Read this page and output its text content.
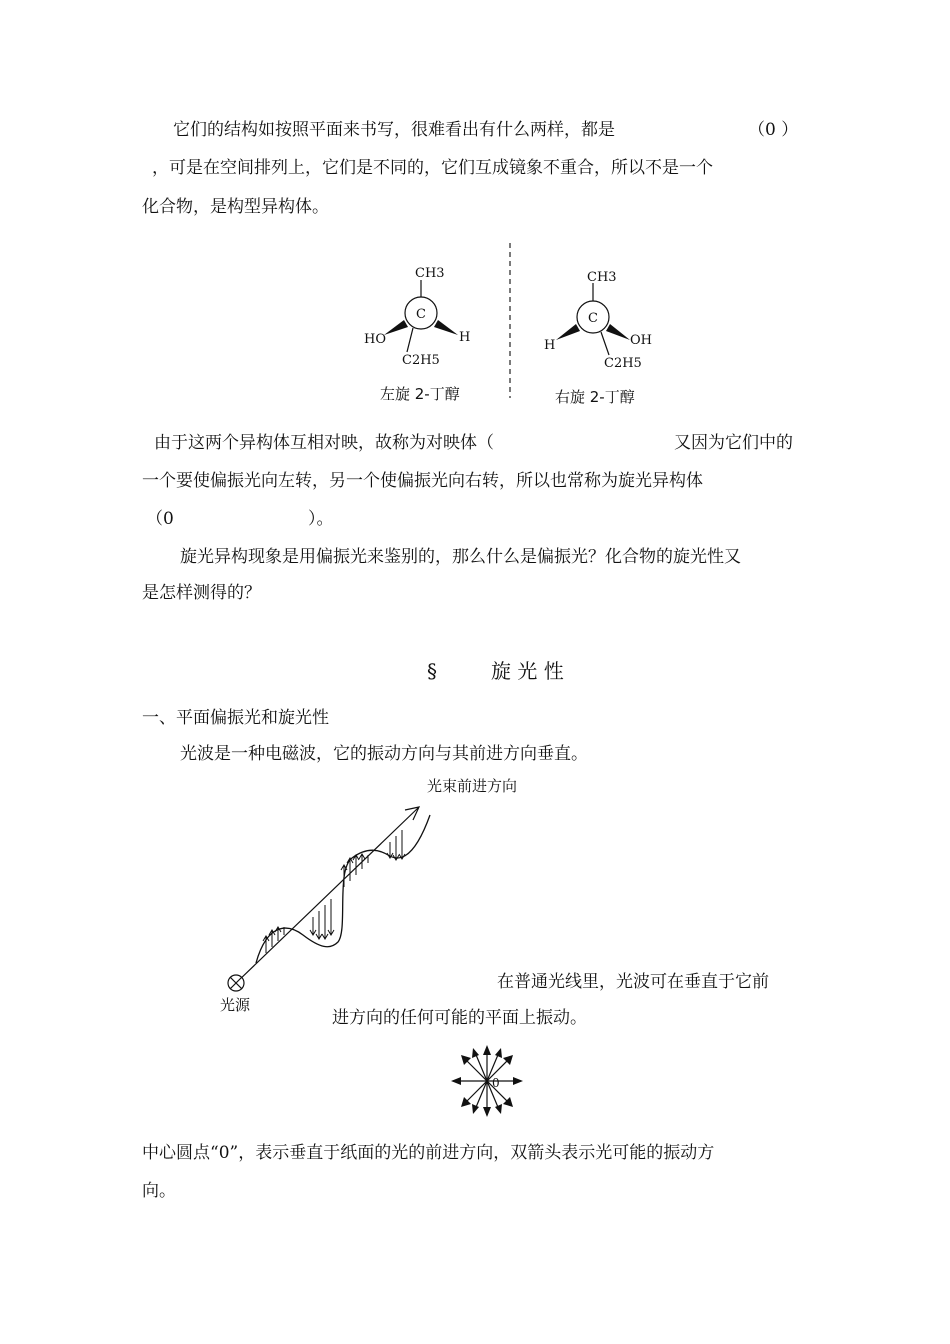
它们的结构如按照平面来书写，很难看出有什么两样，都是	（0 ）
，可是在空间排列上，它们是不同的，它们互成镜象不重合，所以不是一个
化合物，是构型异构体。
CH3
C
HO	H
C2H5
CH3
C
H	OH
C2H5
左旋 2-丁醇	右旋 2-丁醇
由于这两个异构体互相对映，故称为对映体（	又因为它们中的
一个要使偏振光向左转，另一个使偏振光向右转，所以也常称为旋光异构体
（0	）。
旋光异构现象是用偏振光来鉴别的，那么什么是偏振光？化合物的旋光性又
是怎样测得的？
§	旋 光 性
一、平面偏振光和旋光性
光波是一种电磁波，它的振动方向与其前进方向垂直。
光束前进方向
光源
在普通光线里，光波可在垂直于它前
进方向的任何可能的平面上振动。
0
中心圆点“0”，表示垂直于纸面的光的前进方向，双箭头表示光可能的振动方
向。
